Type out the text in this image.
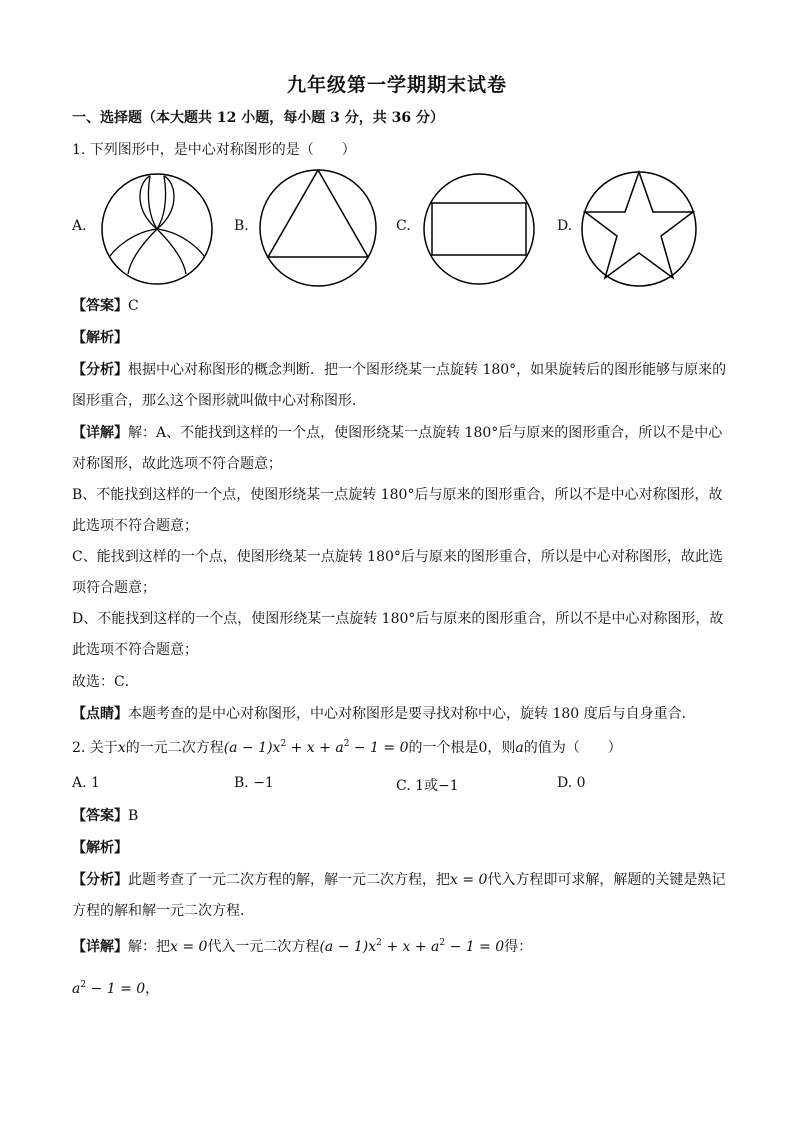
九年级第一学期期末试卷
一、选择题（本大题共 12 小题，每小题 3 分，共 36 分）
1. 下列图形中，是中心对称图形的是（　　）
A.	B.	C.	D.
【答案】C
【解析】
【分析】根据中心对称图形的概念判断．把一个图形绕某一点旋转 180°，如果旋转后的图形能够与原来的
图形重合，那么这个图形就叫做中心对称图形．
【详解】解：A、不能找到这样的一个点，使图形绕某一点旋转 180°后与原来的图形重合，所以不是中心
对称图形，故此选项不符合题意；
B、不能找到这样的一个点，使图形绕某一点旋转 180°后与原来的图形重合，所以不是中心对称图形，故
此选项不符合题意；
C、能找到这样的一个点，使图形绕某一点旋转 180°后与原来的图形重合，所以是中心对称图形，故此选
项符合题意；
D、不能找到这样的一个点，使图形绕某一点旋转 180°后与原来的图形重合，所以不是中心对称图形，故
此选项不符合题意；
故选：C．
【点睛】本题考查的是中心对称图形，中心对称图形是要寻找对称中心，旋转 180 度后与自身重合．
2. 关于x的一元二次方程$(a - 1)x^2 + x + a^2 - 1 = 0$的一个根是0，则a的值为（　　）
A. 1	B. −1	C. 1或−1	D. 0
【答案】B
【解析】
【分析】此题考查了一元二次方程的解，解一元二次方程，把x = 0代入方程即可求解，解题的关键是熟记
方程的解和解一元二次方程．
【详解】解：把x = 0代入一元二次方程$(a - 1)x^2 + x + a^2 - 1 = 0$得：
$a^2 - 1 = 0$，
